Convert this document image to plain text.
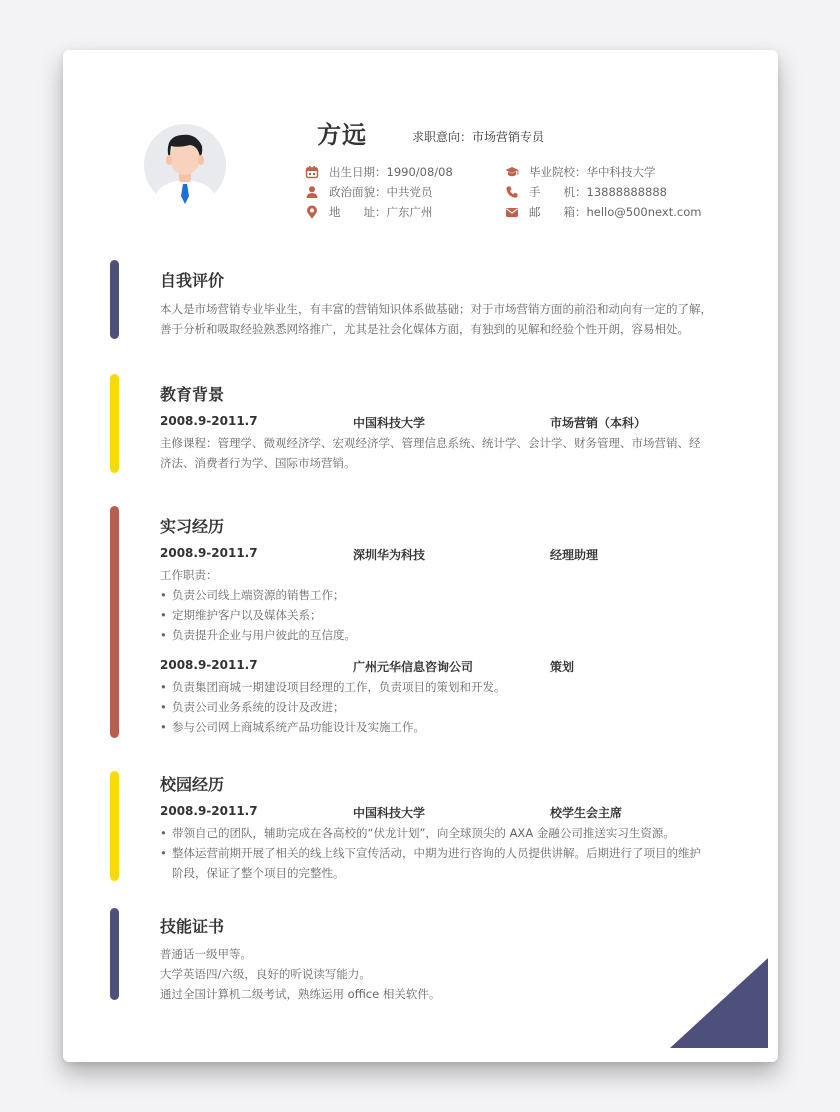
方远	求职意向：市场营销专员
出生日期：1990/08/08
政治面貌：中共党员
地　　址：广东广州
毕业院校：华中科技大学
手　　机：13888888888
邮　　箱：hello@500next.com
自我评价
本人是市场营销专业毕业生，有丰富的营销知识体系做基础；对于市场营销方面的前沿和动向有一定的了解，
善于分析和吸取经验熟悉网络推广，尤其是社会化媒体方面，有独到的见解和经验个性开朗，容易相处。
教育背景
2008.9-2011.7	中国科技大学	市场营销（本科）
主修课程：管理学、微观经济学、宏观经济学、管理信息系统、统计学、会计学、财务管理、市场营销、经
济法、消费者行为学、国际市场营销。
实习经历
2008.9-2011.7	深圳华为科技	经理助理
工作职责：
• 负责公司线上端资源的销售工作；
• 定期维护客户以及媒体关系；
• 负责提升企业与用户彼此的互信度。
2008.9-2011.7	广州元华信息咨询公司	策划
• 负责集团商城一期建设项目经理的工作，负责项目的策划和开发。
• 负责公司业务系统的设计及改进；
• 参与公司网上商城系统产品功能设计及实施工作。
校园经历
2008.9-2011.7	中国科技大学	校学生会主席
• 带领自己的团队，辅助完成在各高校的“伏龙计划”，向全球顶尖的 AXA 金融公司推送实习生资源。
• 整体运营前期开展了相关的线上线下宣传活动，中期为进行咨询的人员提供讲解。后期进行了项目的维护
阶段，保证了整个项目的完整性。
技能证书
普通话一级甲等。
大学英语四/六级，良好的听说读写能力。
通过全国计算机二级考试，熟练运用 office 相关软件。
